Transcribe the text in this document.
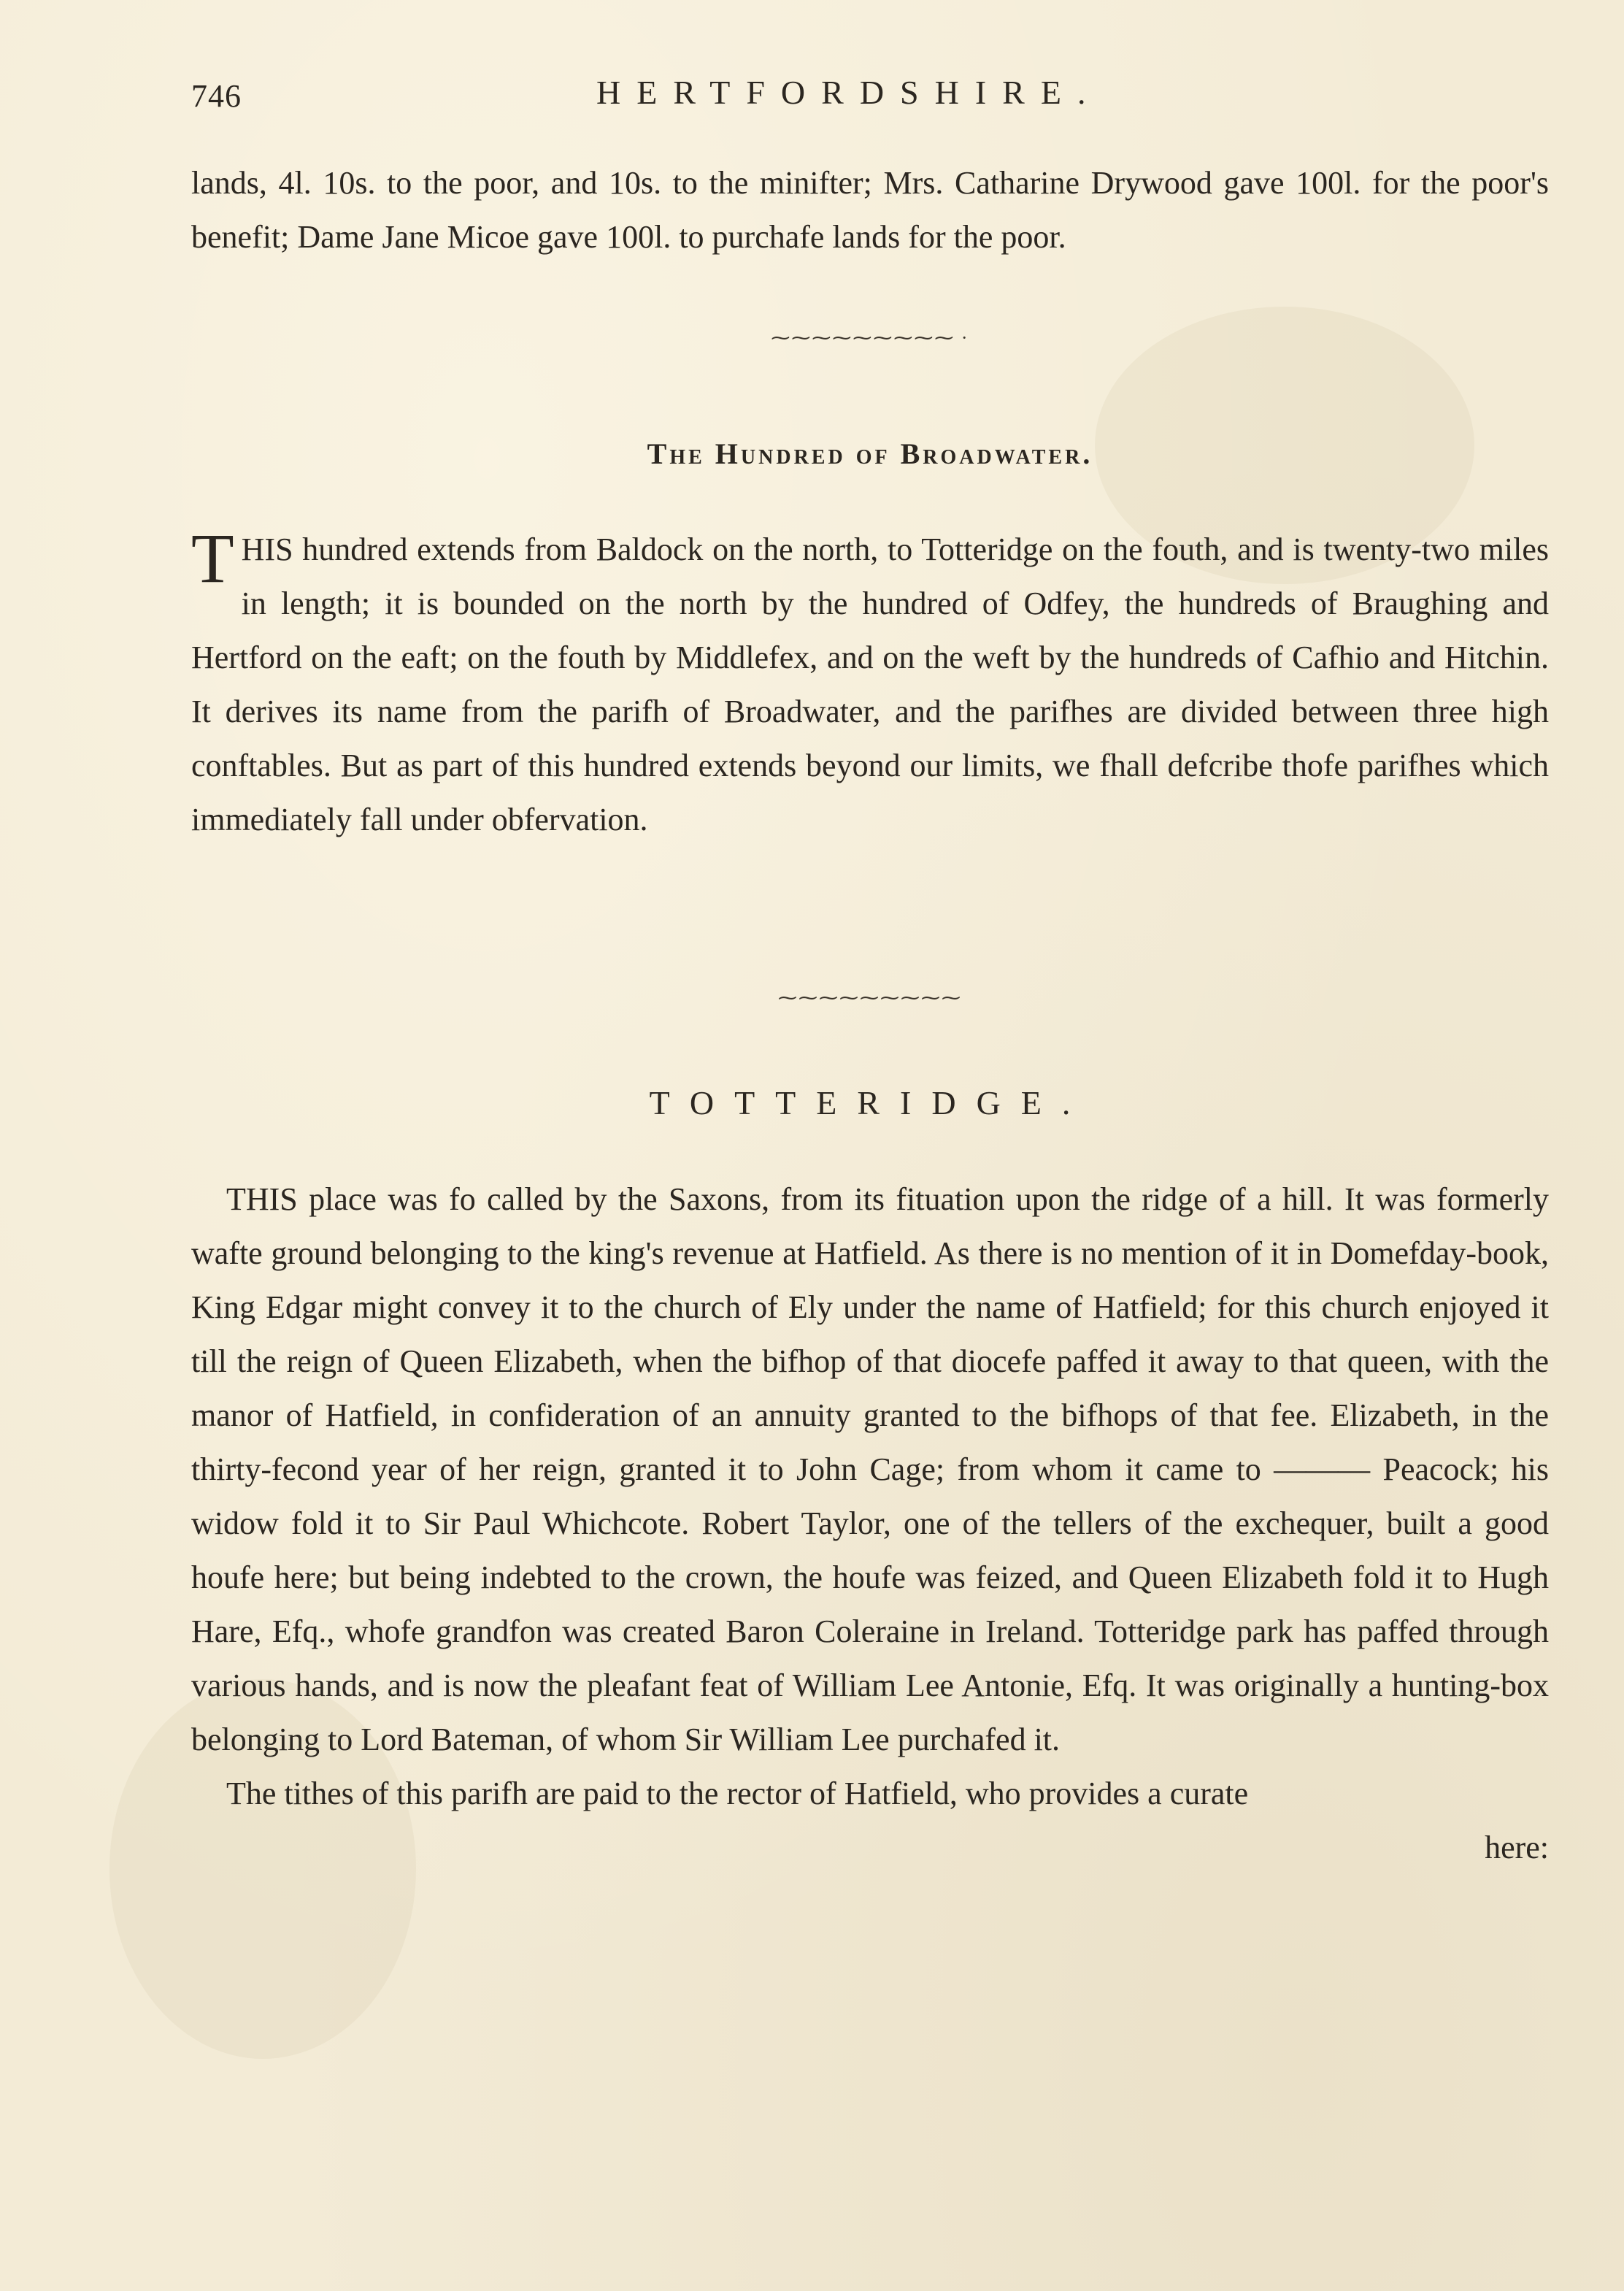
746	HERTFORDSHIRE.

lands, 4l. 10s. to the poor, and 10s. to the minifter; Mrs. Catharine Drywood gave 100l. for the poor's benefit; Dame Jane Micoe gave 100l. to purchafe lands for the poor.

⁓⁓⁓⁓⁓⁓⁓⁓⁓ ·
The Hundred of Broadwater.

THIS hundred extends from Baldock on the north, to Totteridge on the fouth, and is twenty-two miles in length; it is bounded on the north by the hundred of Odfey, the hundreds of Braughing and Hertford on the eaft; on the fouth by Middlefex, and on the weft by the hundreds of Cafhio and Hitchin. It derives its name from the parifh of Broadwater, and the parifhes are divided between three high conftables. But as part of this hundred extends beyond our limits, we fhall defcribe thofe parifhes which immediately fall under obfervation.

⁓⁓⁓⁓⁓⁓⁓⁓⁓
TOTTERIDGE.

THIS place was fo called by the Saxons, from its fituation upon the ridge of a hill. It was formerly wafte ground belonging to the king's revenue at Hatfield. As there is no mention of it in Domefday-book, King Edgar might convey it to the church of Ely under the name of Hatfield; for this church enjoyed it till the reign of Queen Elizabeth, when the bifhop of that diocefe paffed it away to that queen, with the manor of Hatfield, in confideration of an annuity granted to the bifhops of that fee. Elizabeth, in the thirty-fecond year of her reign, granted it to John Cage; from whom it came to ——— Peacock; his widow fold it to Sir Paul Whichcote. Robert Taylor, one of the tellers of the exchequer, built a good houfe here; but being indebted to the crown, the houfe was feized, and Queen Elizabeth fold it to Hugh Hare, Efq., whofe grandfon was created Baron Coleraine in Ireland. Totteridge park has paffed through various hands, and is now the pleafant feat of William Lee Antonie, Efq. It was originally a hunting-box belonging to Lord Bateman, of whom Sir William Lee purchafed it.

The tithes of this parifh are paid to the rector of Hatfield, who provides a curate

here:
